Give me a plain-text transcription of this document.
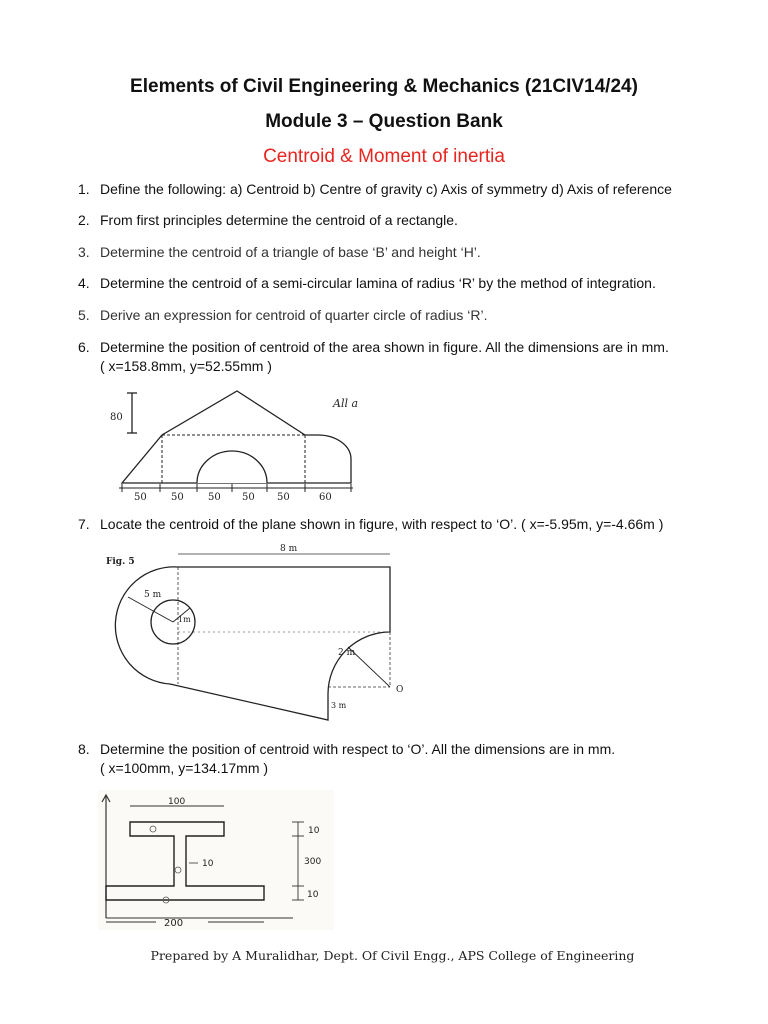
Elements of Civil Engineering & Mechanics (21CIV14/24)
Module 3 – Question Bank
Centroid & Moment of inertia
1. Define the following: a) Centroid b) Centre of gravity c) Axis of symmetry d) Axis of reference
2. From first principles determine the centroid of a rectangle.
3. Determine the centroid of a triangle of base ‘B’ and height ‘H’.
4. Determine the centroid of a semi-circular lamina of radius ‘R’ by the method of integration.
5. Derive an expression for centroid of quarter circle of radius ‘R’.
6. Determine the position of centroid of the area shown in figure. All the dimensions are in mm.
( x=158.8mm, y=52.55mm )
80
All a
50 50 50 50 50	60
7. Locate the centroid of the plane shown in figure, with respect to ‘O’. ( x=-5.95m, y=-4.66m )
Fig. 5
8 m
5 m
1m
2 m
O
3 m
8. Determine the position of centroid with respect to ‘O’. All the dimensions are in mm.
( x=100mm, y=134.17mm )
100
10
10
300
10
200
Prepared by A Muralidhar, Dept. Of Civil Engg., APS College of Engineering
